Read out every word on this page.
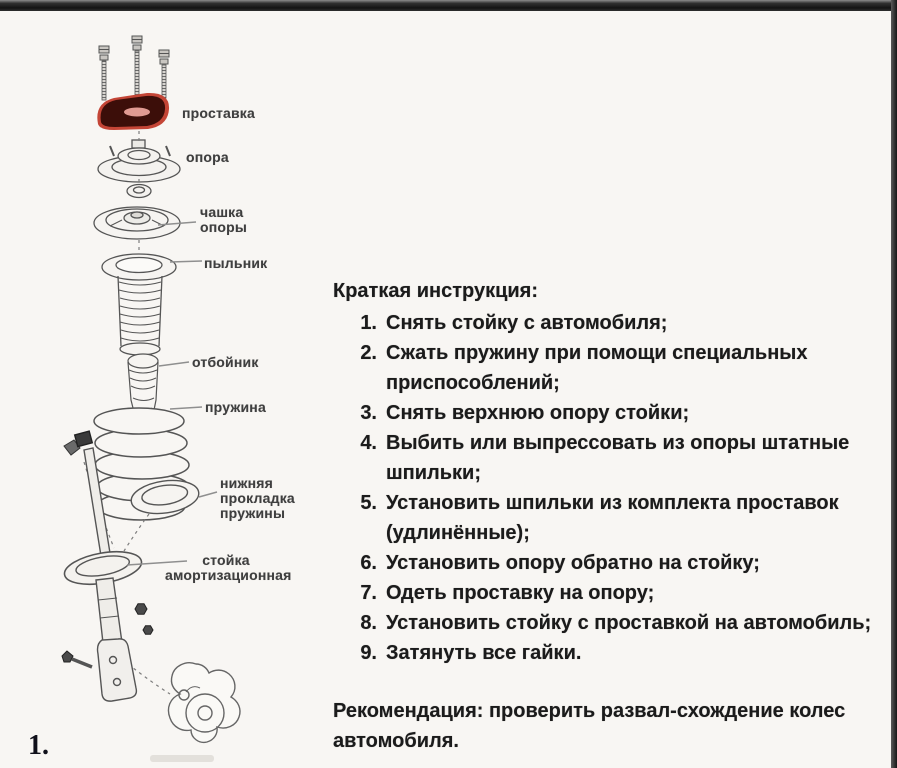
проставка
опора
чашка опоры
пыльник
отбойник
пружина
нижняя прокладка пружины
стойка амортизационная
Краткая инструкция:
1. Снять стойку с автомобиля;
2. Сжать пружину при помощи специальных
приспособлений;
3. Снять верхнюю опору стойки;
4. Выбить или выпрессовать из опоры штатные
шпильки;
5. Установить шпильки из комплекта проставок
(удлинённые);
6. Установить опору обратно на стойку;
7. Одеть проставку на опору;
8. Установить стойку с проставкой на автомобиль;
9. Затянуть все гайки.
Рекомендация: проверить развал-схождение колес
автомобиля.
1.
